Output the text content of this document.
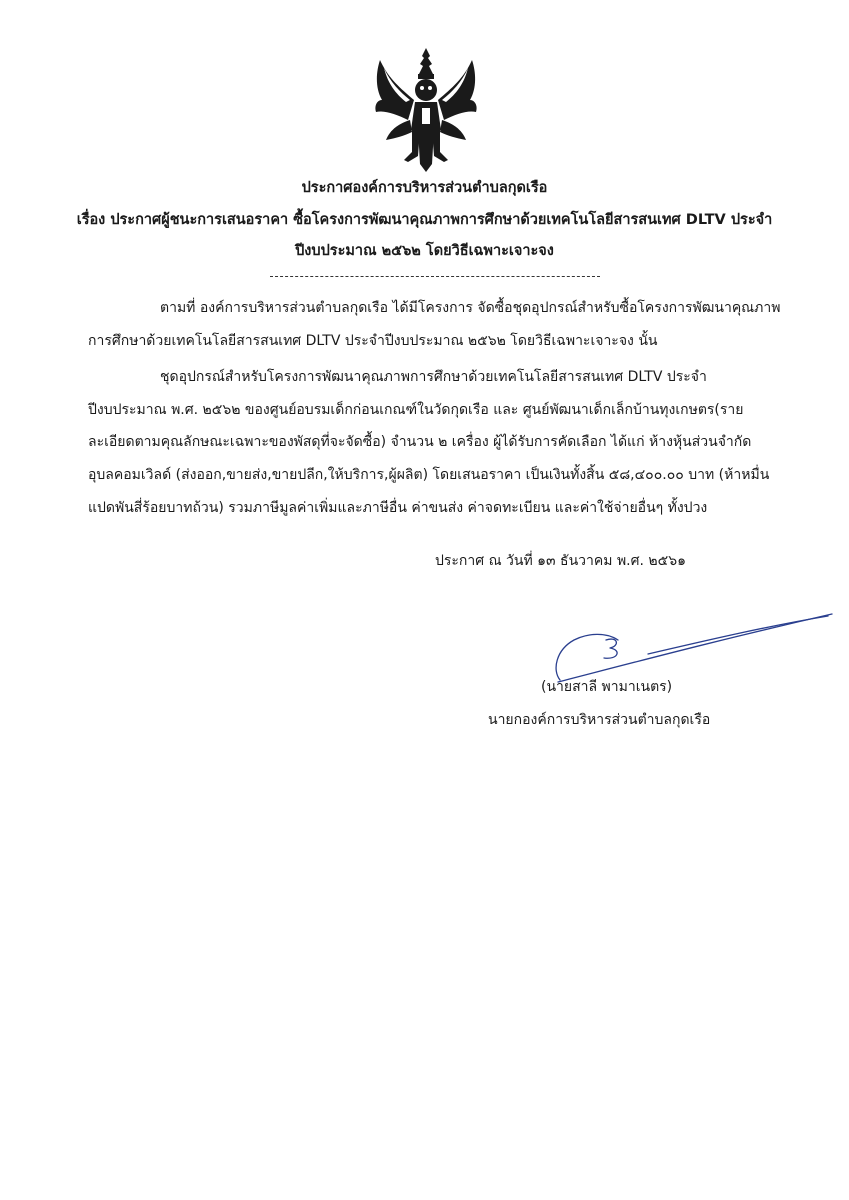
ประกาศองค์การบริหารส่วนตำบลกุดเรือ
เรื่อง ประกาศผู้ชนะการเสนอราคา ซื้อโครงการพัฒนาคุณภาพการศึกษาด้วยเทคโนโลยีสารสนเทศ DLTV ประจำ
ปีงบประมาณ ๒๕๖๒ โดยวิธีเฉพาะเจาะจง
ตามที่ องค์การบริหารส่วนตำบลกุดเรือ ได้มีโครงการ จัดซื้อชุดอุปกรณ์สำหรับซื้อโครงการพัฒนาคุณภาพ
การศึกษาด้วยเทคโนโลยีสารสนเทศ DLTV ประจำปีงบประมาณ ๒๕๖๒ โดยวิธีเฉพาะเจาะจง นั้น
ชุดอุปกรณ์สำหรับโครงการพัฒนาคุณภาพการศึกษาด้วยเทคโนโลยีสารสนเทศ DLTV ประจำ
ปีงบประมาณ พ.ศ. ๒๕๖๒ ของศูนย์อบรมเด็กก่อนเกณฑ์ในวัดกุดเรือ และ ศูนย์พัฒนาเด็กเล็กบ้านทุงเกษตร(ราย
ละเอียดตามคุณลักษณะเฉพาะของพัสดุที่จะจัดซื้อ) จำนวน ๒ เครื่อง ผู้ได้รับการคัดเลือก ได้แก่ ห้างหุ้นส่วนจำกัด
อุบลคอมเวิลด์ (ส่งออก,ขายส่ง,ขายปลีก,ให้บริการ,ผู้ผลิต) โดยเสนอราคา เป็นเงินทั้งสิ้น ๕๘,๔๐๐.๐๐ บาท (ห้าหมื่น
แปดพันสี่ร้อยบาทถ้วน) รวมภาษีมูลค่าเพิ่มและภาษีอื่น ค่าขนส่ง ค่าจดทะเบียน และค่าใช้จ่ายอื่นๆ ทั้งปวง
ประกาศ ณ วันที่ ๑๓ ธันวาคม พ.ศ. ๒๕๖๑
(นายสาลี พามาเนตร)
นายกองค์การบริหารส่วนตำบลกุดเรือ
